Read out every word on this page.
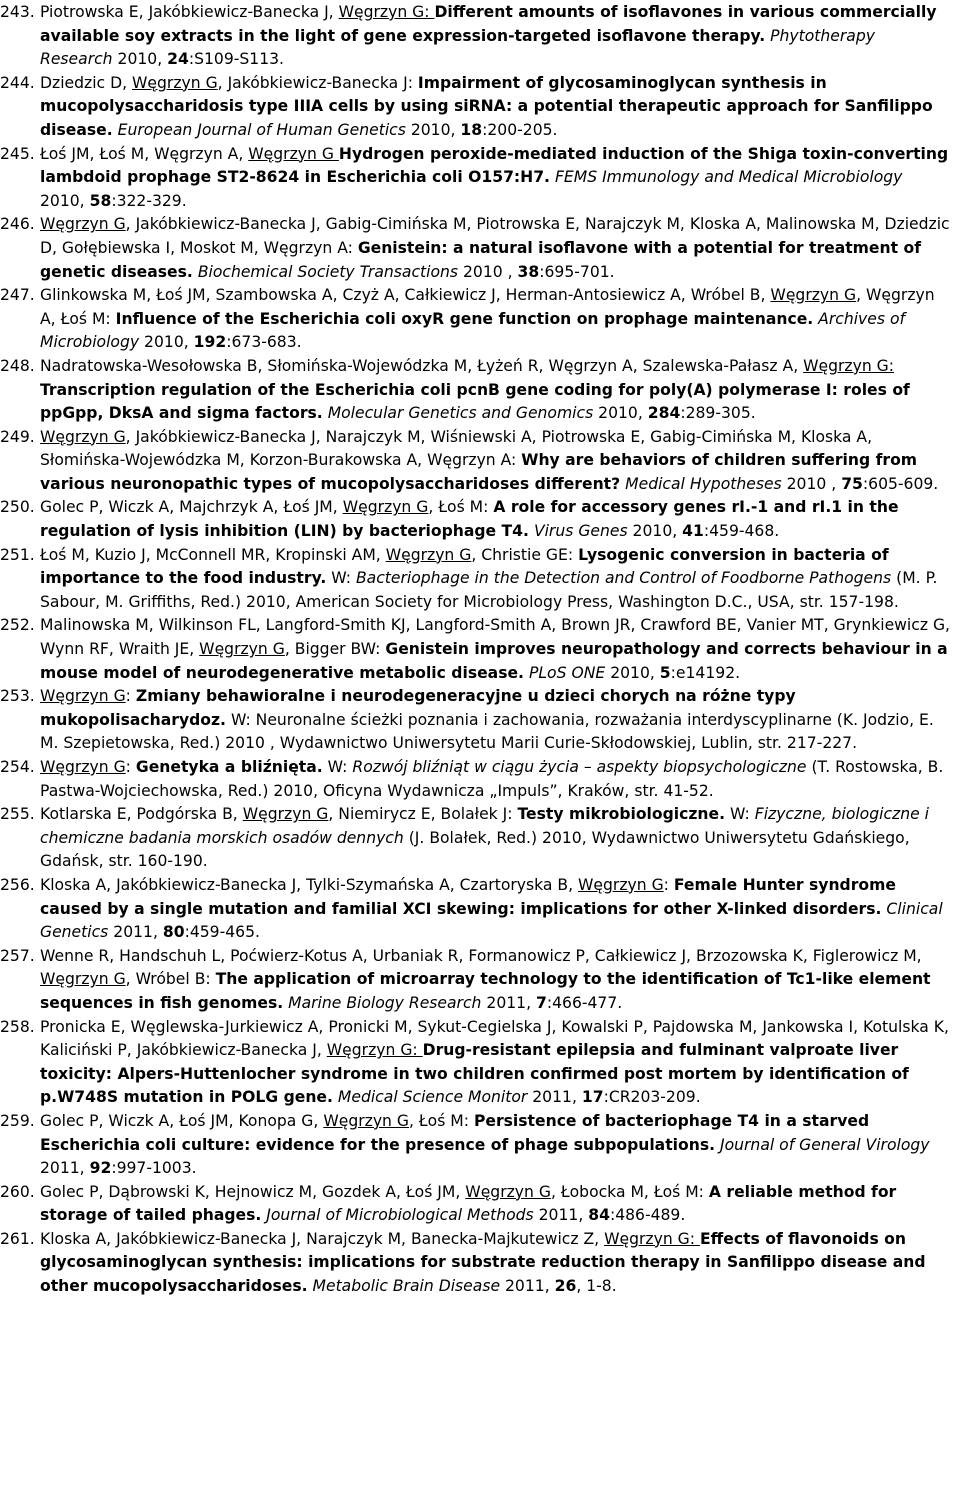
243. Piotrowska E, Jakóbkiewicz-Banecka J, Węgrzyn G: Different amounts of isoflavones in various commercially available soy extracts in the light of gene expression-targeted isoflavone therapy. Phytotherapy Research 2010, 24:S109-S113.
244. Dziedzic D, Węgrzyn G, Jakóbkiewicz-Banecka J: Impairment of glycosaminoglycan synthesis in mucopolysaccharidosis type IIIA cells by using siRNA: a potential therapeutic approach for Sanfilippo disease. European Journal of Human Genetics 2010, 18:200-205.
245. Łoś JM, Łoś M, Węgrzyn A, Węgrzyn G Hydrogen peroxide-mediated induction of the Shiga toxin-converting lambdoid prophage ST2-8624 in Escherichia coli O157:H7. FEMS Immunology and Medical Microbiology 2010, 58:322-329.
246. Węgrzyn G, Jakóbkiewicz-Banecka J, Gabig-Cimińska M, Piotrowska E, Narajczyk M, Kloska A, Malinowska M, Dziedzic D, Gołębiewska I, Moskot M, Węgrzyn A: Genistein: a natural isoflavone with a potential for treatment of genetic diseases. Biochemical Society Transactions 2010 , 38:695-701.
247. Glinkowska M, Łoś JM, Szambowska A, Czyż A, Całkiewicz J, Herman-Antosiewicz A, Wróbel B, Węgrzyn G, Węgrzyn A, Łoś M: Influence of the Escherichia coli oxyR gene function on prophage maintenance. Archives of Microbiology 2010, 192:673-683.
248. Nadratowska-Wesołowska B, Słomińska-Wojewódzka M, Łyżeń R, Węgrzyn A, Szalewska-Pałasz A, Węgrzyn G: Transcription regulation of the Escherichia coli pcnB gene coding for poly(A) polymerase I: roles of ppGpp, DksA and sigma factors. Molecular Genetics and Genomics 2010, 284:289-305.
249. Węgrzyn G, Jakóbkiewicz-Banecka J, Narajczyk M, Wiśniewski A, Piotrowska E, Gabig-Cimińska M, Kloska A, Słomińska-Wojewódzka M, Korzon-Burakowska A, Węgrzyn A: Why are behaviors of children suffering from various neuronopathic types of mucopolysaccharidoses different? Medical Hypotheses 2010 , 75:605-609.
250. Golec P, Wiczk A, Majchrzyk A, Łoś JM, Węgrzyn G, Łoś M: A role for accessory genes rI.-1 and rI.1 in the regulation of lysis inhibition (LIN) by bacteriophage T4. Virus Genes 2010, 41:459-468.
251. Łoś M, Kuzio J, McConnell MR, Kropinski AM, Węgrzyn G, Christie GE: Lysogenic conversion in bacteria of importance to the food industry. W: Bacteriophage in the Detection and Control of Foodborne Pathogens (M. P. Sabour, M. Griffiths, Red.) 2010, American Society for Microbiology Press, Washington D.C., USA, str. 157-198.
252. Malinowska M, Wilkinson FL, Langford-Smith KJ, Langford-Smith A, Brown JR, Crawford BE, Vanier MT, Grynkiewicz G, Wynn RF, Wraith JE, Węgrzyn G, Bigger BW: Genistein improves neuropathology and corrects behaviour in a mouse model of neurodegenerative metabolic disease. PLoS ONE 2010, 5:e14192.
253. Węgrzyn G: Zmiany behawioralne i neurodegeneracyjne u dzieci chorych na różne typy mukopolisacharydoz. W: Neuronalne ścieżki poznania i zachowania, rozważania interdyscyplinarne (K. Jodzio, E. M. Szepietowska, Red.) 2010 , Wydawnictwo Uniwersytetu Marii Curie-Skłodowskiej, Lublin, str. 217-227.
254. Węgrzyn G: Genetyka a bliźnięta. W: Rozwój bliźniąt w ciągu życia – aspekty biopsychologiczne (T. Rostowska, B. Pastwa-Wojciechowska, Red.) 2010, Oficyna Wydawnicza „Impuls”, Kraków, str. 41-52.
255. Kotlarska E, Podgórska B, Węgrzyn G, Niemirycz E, Bolałek J: Testy mikrobiologiczne. W: Fizyczne, biologiczne i chemiczne badania morskich osadów dennych (J. Bolałek, Red.) 2010, Wydawnictwo Uniwersytetu Gdańskiego, Gdańsk, str. 160-190.
256. Kloska A, Jakóbkiewicz-Banecka J, Tylki-Szymańska A, Czartoryska B, Węgrzyn G: Female Hunter syndrome caused by a single mutation and familial XCI skewing: implications for other X-linked disorders. Clinical Genetics 2011, 80:459-465.
257. Wenne R, Handschuh L, Poćwierz-Kotus A, Urbaniak R, Formanowicz P, Całkiewicz J, Brzozowska K, Figlerowicz M, Węgrzyn G, Wróbel B: The application of microarray technology to the identification of Tc1-like element sequences in fish genomes. Marine Biology Research 2011, 7:466-477.
258. Pronicka E, Węglewska-Jurkiewicz A, Pronicki M, Sykut-Cegielska J, Kowalski P, Pajdowska M, Jankowska I, Kotulska K, Kaliciński P, Jakóbkiewicz-Banecka J, Węgrzyn G: Drug-resistant epilepsia and fulminant valproate liver toxicity: Alpers-Huttenlocher syndrome in two children confirmed post mortem by identification of p.W748S mutation in POLG gene. Medical Science Monitor 2011, 17:CR203-209.
259. Golec P, Wiczk A, Łoś JM, Konopa G, Węgrzyn G, Łoś M: Persistence of bacteriophage T4 in a starved Escherichia coli culture: evidence for the presence of phage subpopulations. Journal of General Virology 2011, 92:997-1003.
260. Golec P, Dąbrowski K, Hejnowicz M, Gozdek A, Łoś JM, Węgrzyn G, Łobocka M, Łoś M: A reliable method for storage of tailed phages. Journal of Microbiological Methods 2011, 84:486-489.
261. Kloska A, Jakóbkiewicz-Banecka J, Narajczyk M, Banecka-Majkutewicz Z, Węgrzyn G: Effects of flavonoids on glycosaminoglycan synthesis: implications for substrate reduction therapy in Sanfilippo disease and other mucopolysaccharidoses. Metabolic Brain Disease 2011, 26, 1-8.
